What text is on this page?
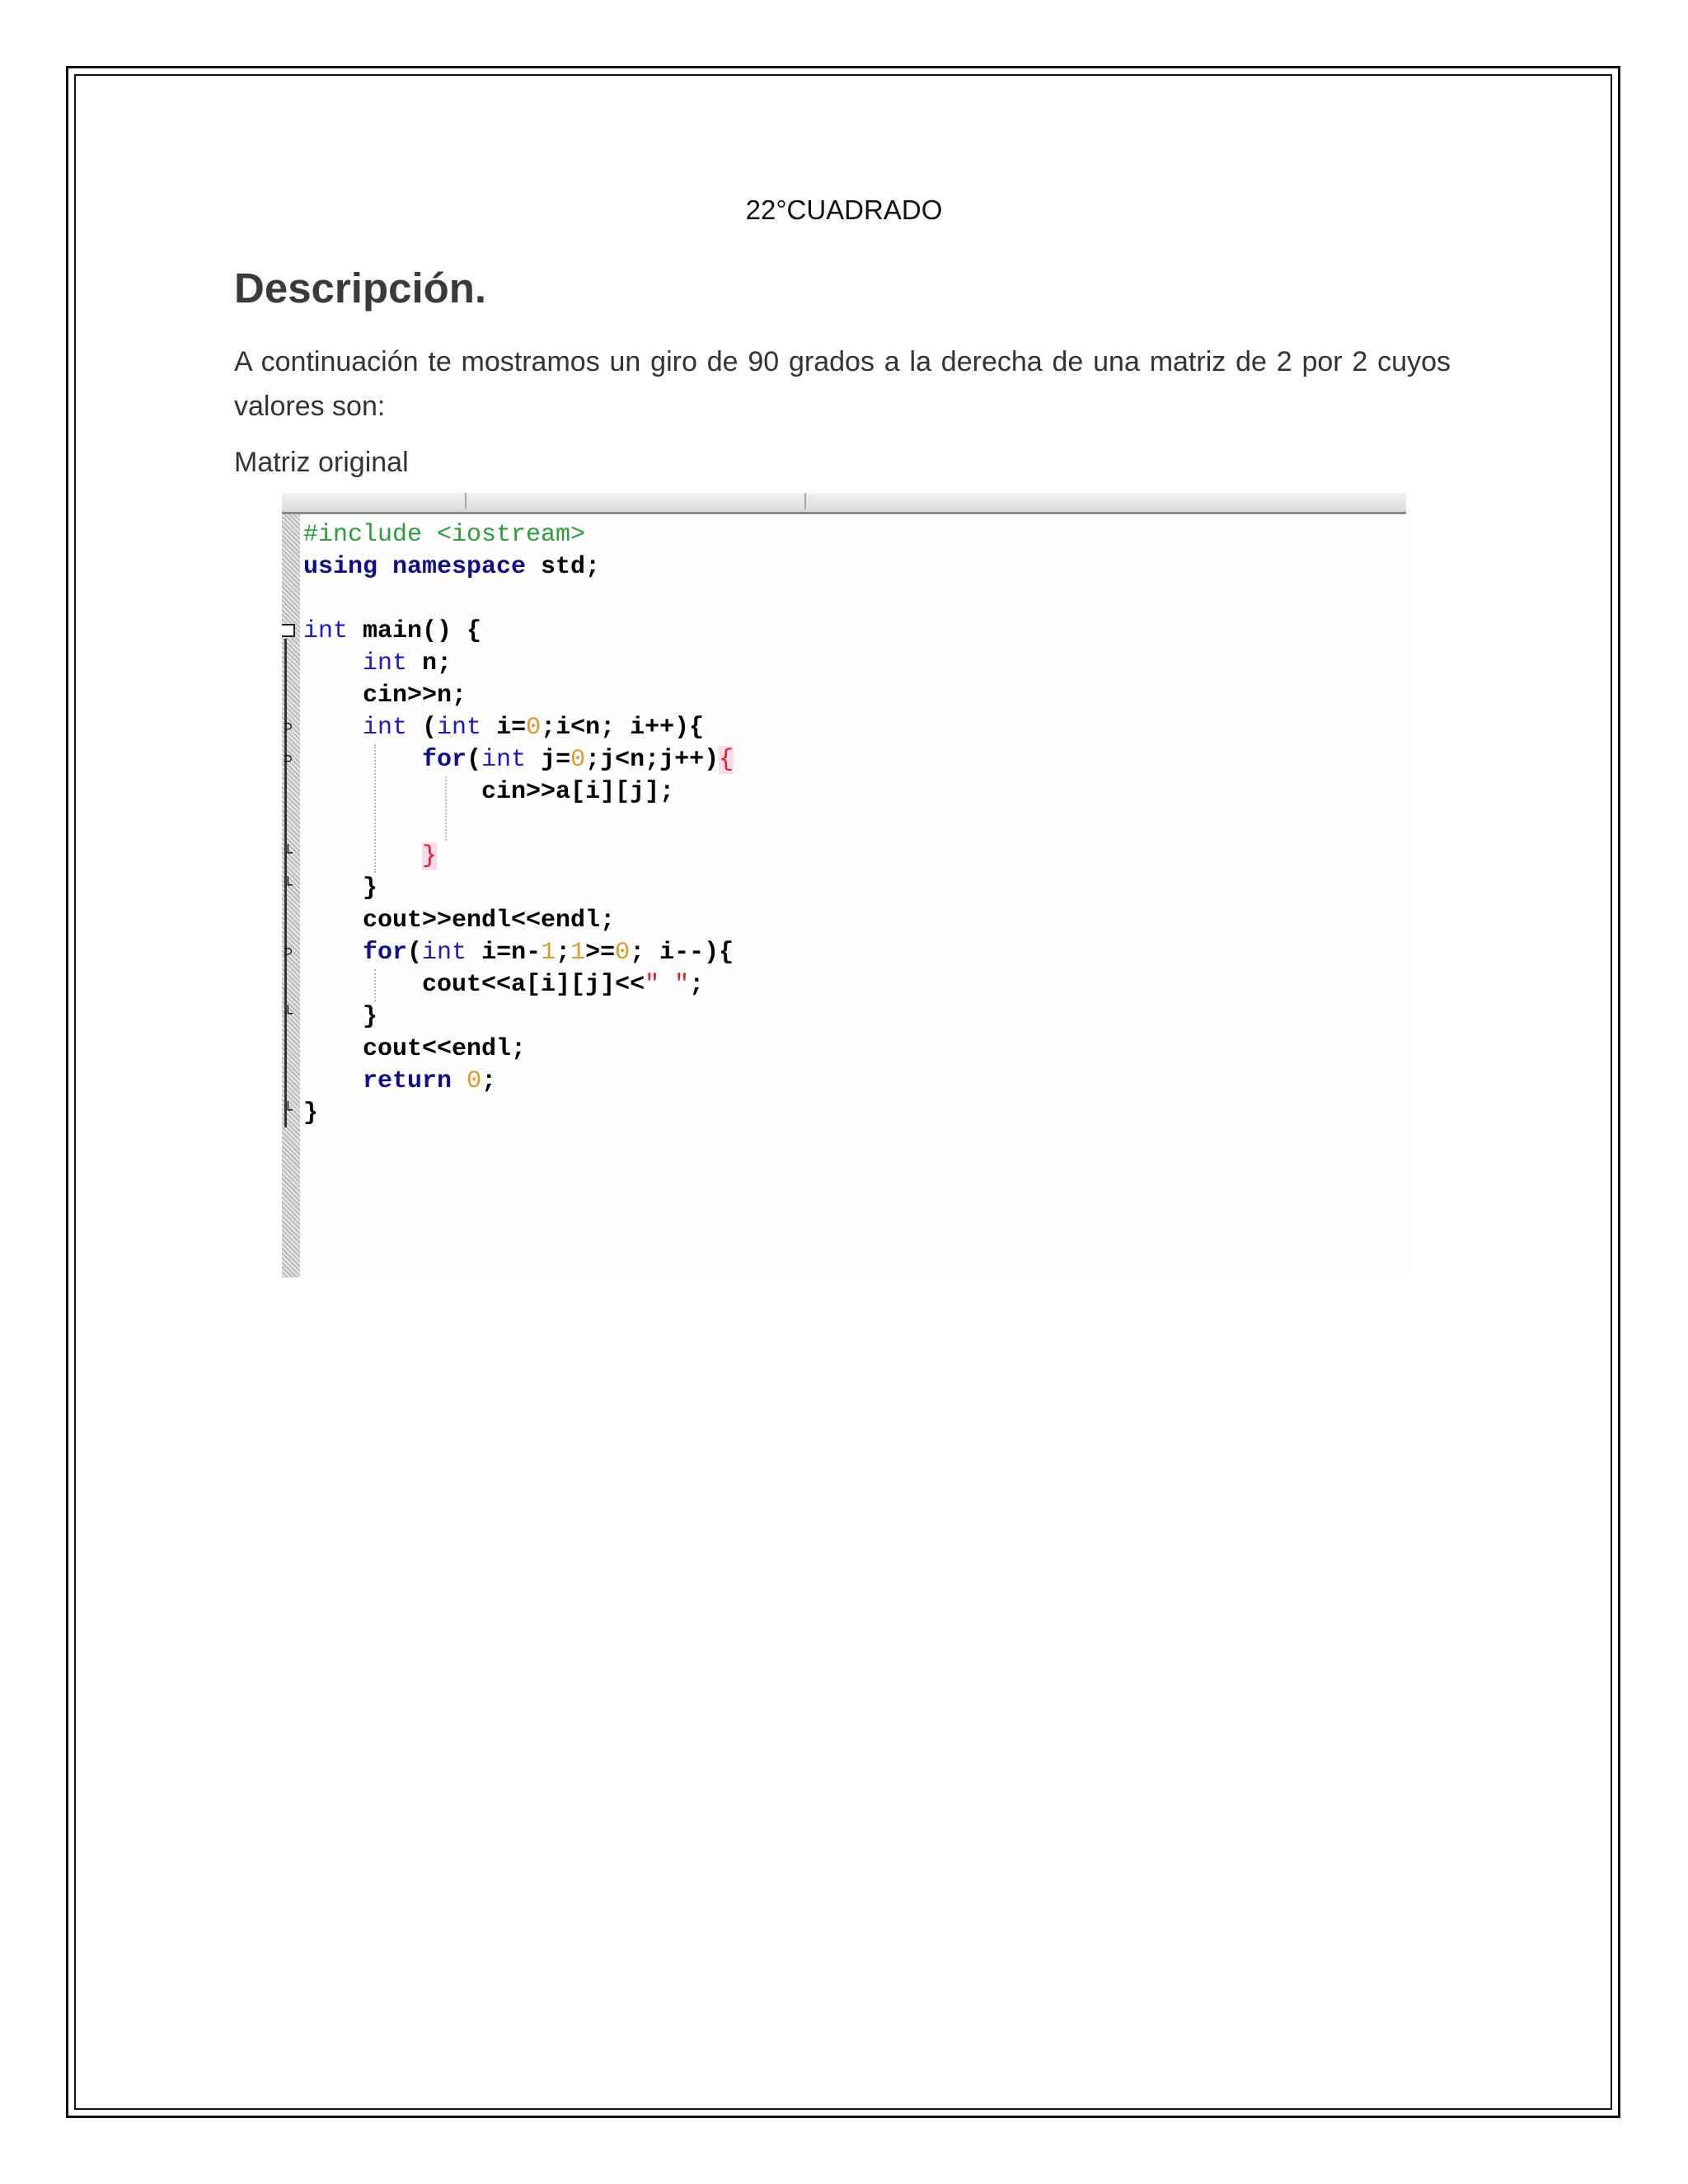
22°CUADRADO
Descripción.
A continuación te mostramos un giro de 90 grados a la derecha de una matriz de 2 por 2 cuyos valores son:
Matriz original
⊃
⊃
└
└
⊃
└
└
#include <iostream>
using namespace std;
int main() {
int n;
cin>>n;
int (int i=0;i<n; i++){
for(int j=0;j<n;j++){
cin>>a[i][j];
}
}
cout>>endl<<endl;
for(int i=n-1;1>=0; i--){
cout<<a[i][j]<<" ";
}
cout<<endl;
return 0;
}
